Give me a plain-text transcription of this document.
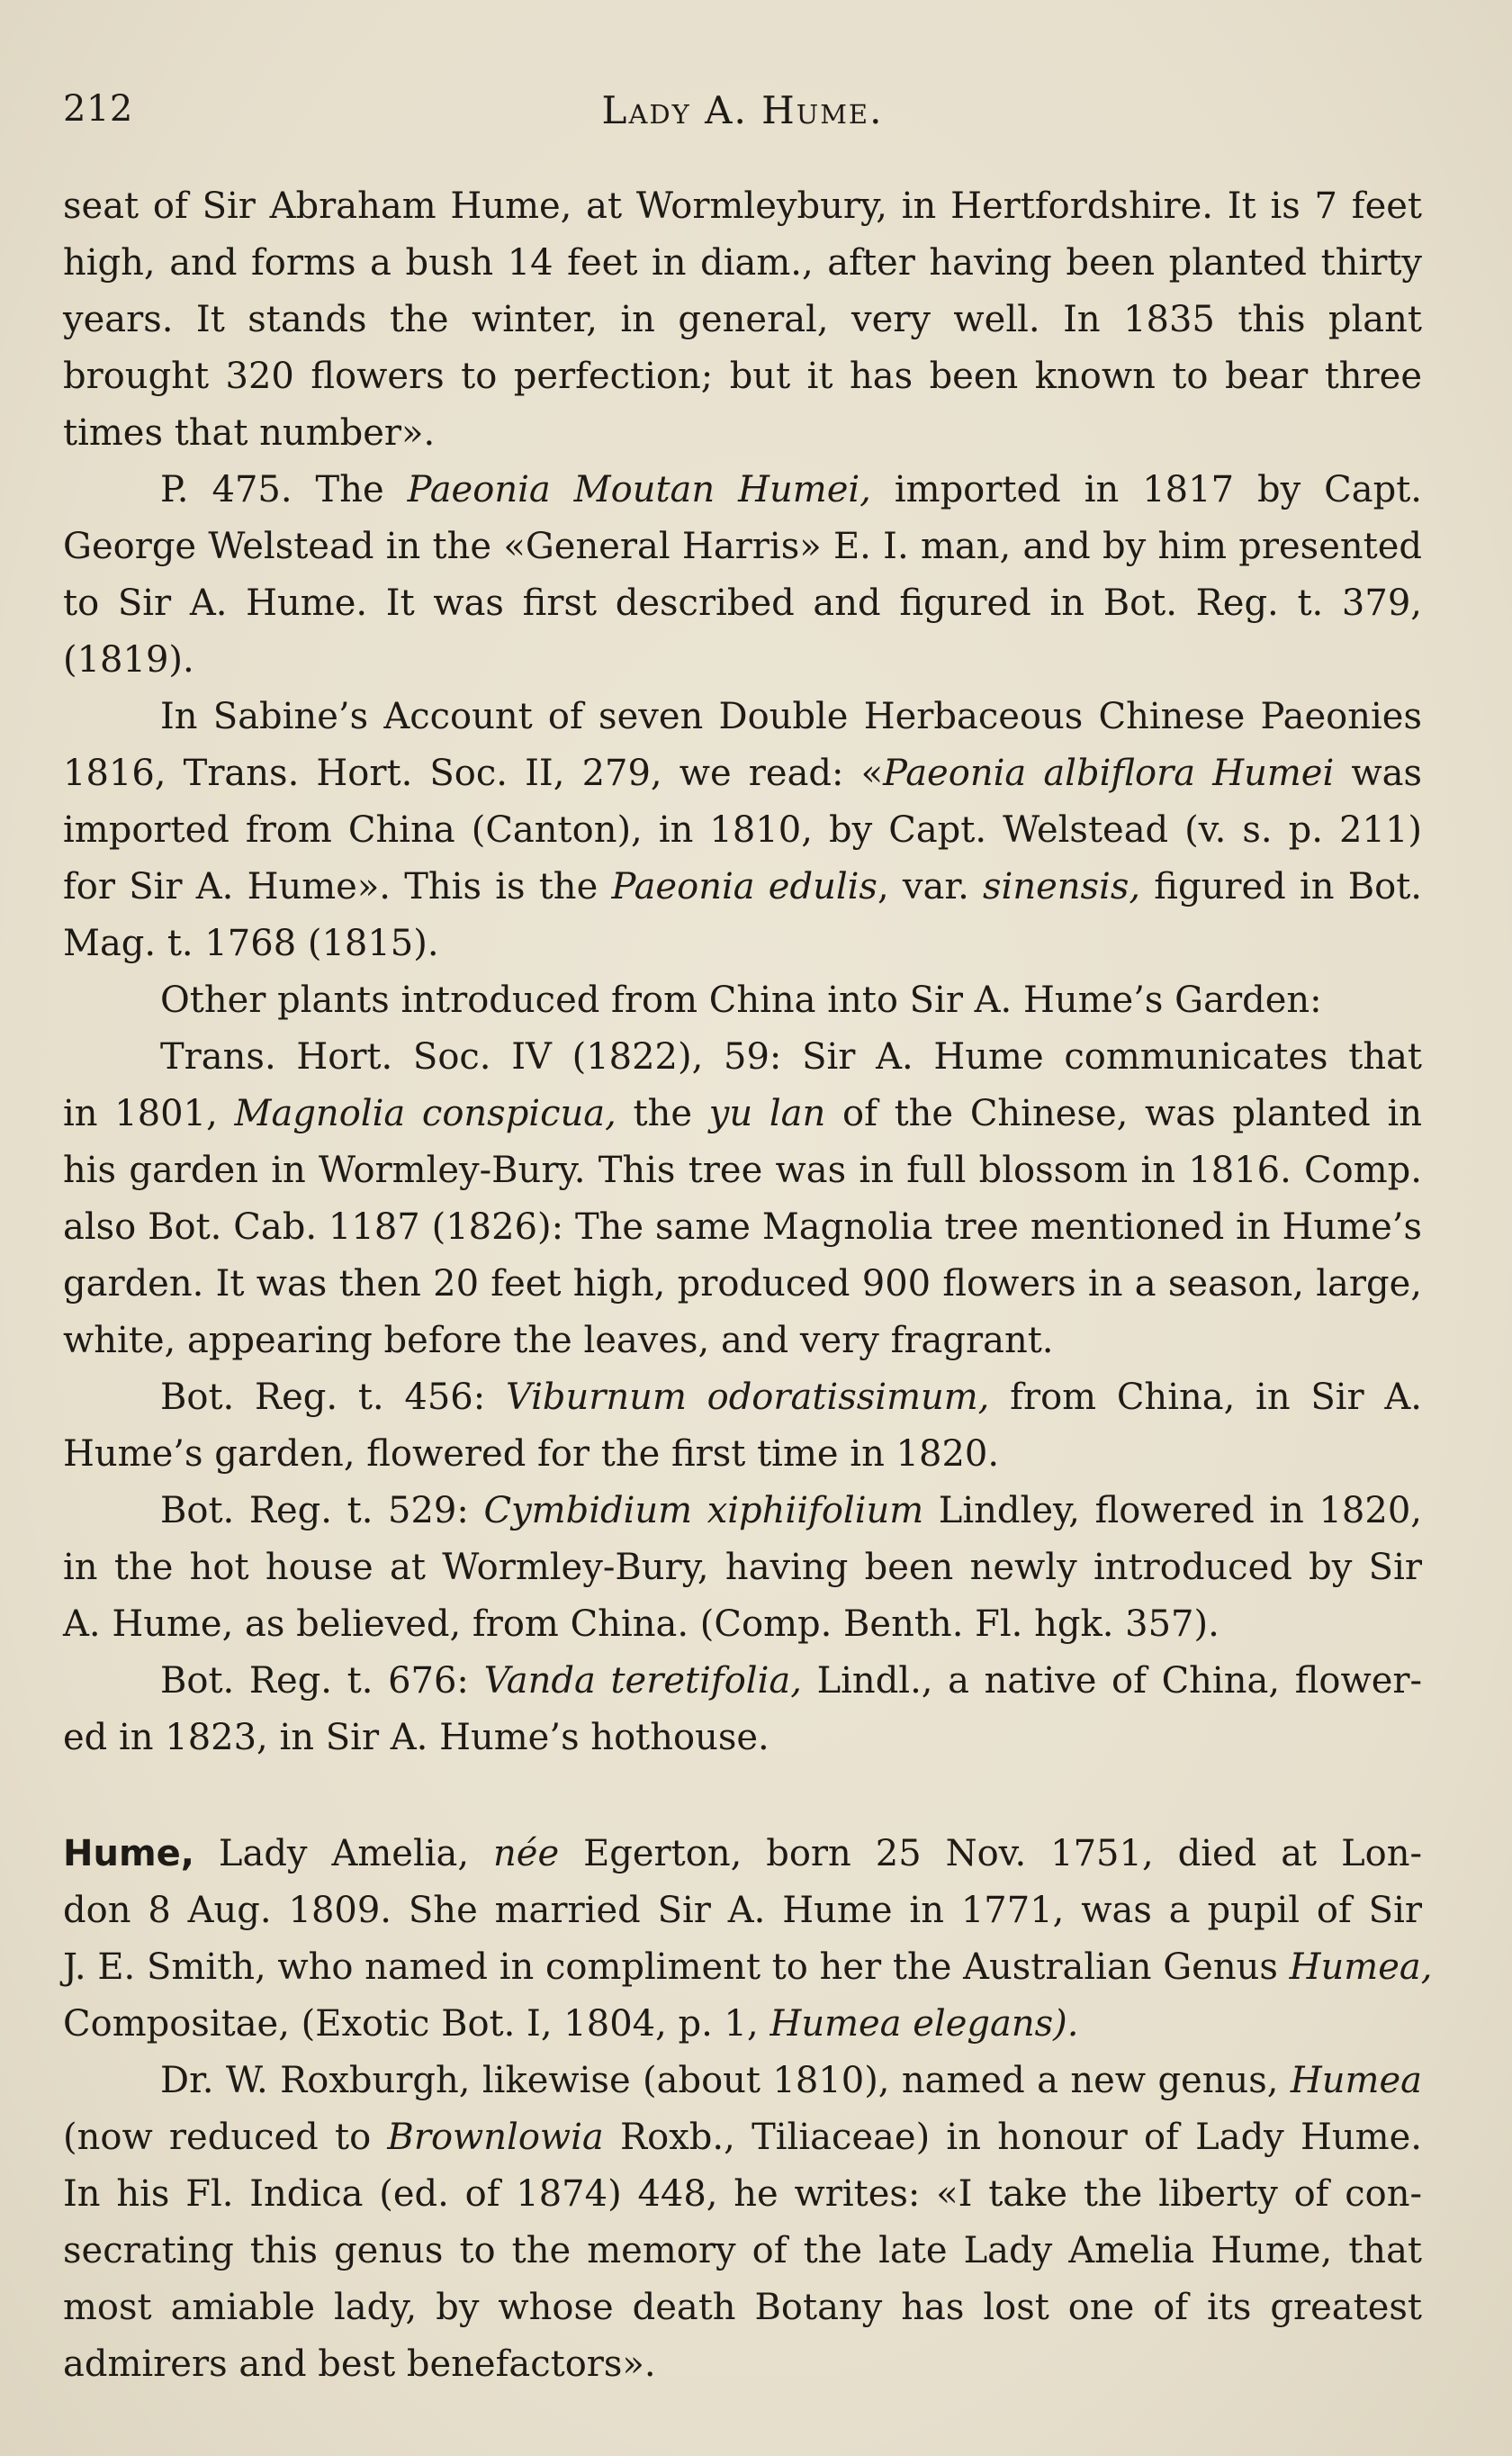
212	Lady A. Hume.
seat of Sir Abraham Hume, at Wormleybury, in Hertfordshire. It is 7 feet
high, and forms a bush 14 feet in diam., after having been planted thirty
years. It stands the winter, in general, very well. In 1835 this plant
brought 320 flowers to perfection; but it has been known to bear three
times that number».
P. 475. The Paeonia Moutan Humei, imported in 1817 by Capt.
George Welstead in the «General Harris» E. I. man, and by him presented
to Sir A. Hume. It was first described and figured in Bot. Reg. t. 379,
(1819).
In Sabine’s Account of seven Double Herbaceous Chinese Paeonies
1816, Trans. Hort. Soc. II, 279, we read: «Paeonia albiflora Humei was
imported from China (Canton), in 1810, by Capt. Welstead (v. s. p. 211)
for Sir A. Hume». This is the Paeonia edulis, var. sinensis, figured in Bot.
Mag. t. 1768 (1815).
Other plants introduced from China into Sir A. Hume’s Garden:
Trans. Hort. Soc. IV (1822), 59: Sir A. Hume communicates that
in 1801, Magnolia conspicua, the yu lan of the Chinese, was planted in
his garden in Wormley-Bury. This tree was in full blossom in 1816. Comp.
also Bot. Cab. 1187 (1826): The same Magnolia tree mentioned in Hume’s
garden. It was then 20 feet high, produced 900 flowers in a season, large,
white, appearing before the leaves, and very fragrant.
Bot. Reg. t. 456: Viburnum odoratissimum, from China, in Sir A.
Hume’s garden, flowered for the first time in 1820.
Bot. Reg. t. 529: Cymbidium xiphiifolium Lindley, flowered in 1820,
in the hot house at Wormley-Bury, having been newly introduced by Sir
A. Hume, as believed, from China. (Comp. Benth. Fl. hgk. 357).
Bot. Reg. t. 676: Vanda teretifolia, Lindl., a native of China, flower-
ed in 1823, in Sir A. Hume’s hothouse.
Hume, Lady Amelia, née Egerton, born 25 Nov. 1751, died at Lon-
don 8 Aug. 1809. She married Sir A. Hume in 1771, was a pupil of Sir
J. E. Smith, who named in compliment to her the Australian Genus Humea,
Compositae, (Exotic Bot. I, 1804, p. 1, Humea elegans).
Dr. W. Roxburgh, likewise (about 1810), named a new genus, Humea
(now reduced to Brownlowia Roxb., Tiliaceae) in honour of Lady Hume.
In his Fl. Indica (ed. of 1874) 448, he writes: «I take the liberty of con-
secrating this genus to the memory of the late Lady Amelia Hume, that
most amiable lady, by whose death Botany has lost one of its greatest
admirers and best benefactors».
